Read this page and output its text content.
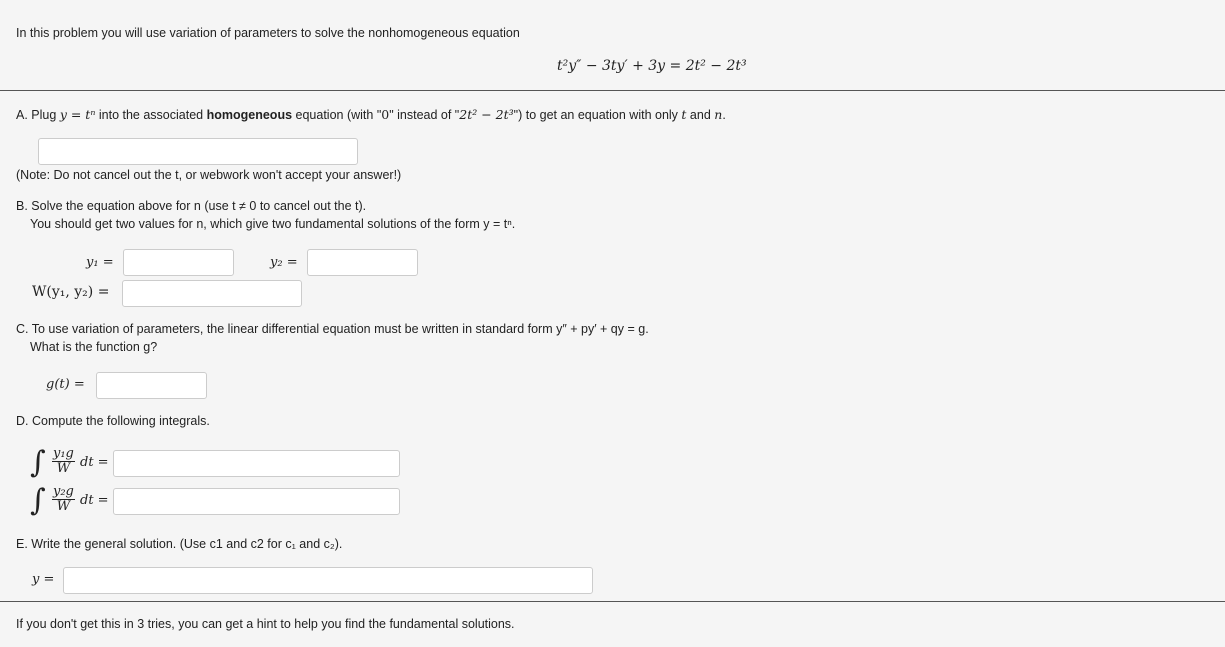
In this problem you will use variation of parameters to solve the nonhomogeneous equation
t²y″ − 3ty′ + 3y = 2t² − 2t³
A. Plug y = tⁿ into the associated homogeneous equation (with "0" instead of "2t² − 2t³") to get an equation with only t and n.
(Note: Do not cancel out the t, or webwork won't accept your answer!)
B. Solve the equation above for n (use t ≠ 0 to cancel out the t).
You should get two values for n, which give two fundamental solutions of the form y = tⁿ.
y₁ =	y₂ =
W(y₁, y₂) =
C. To use variation of parameters, the linear differential equation must be written in standard form y″ + py′ + qy = g.
What is the function g?
g(t) =
D. Compute the following integrals.
∫ $\frac{\text{y₁g}}{W}$ dt =
∫ $\frac{\text{y₂g}}{W}$ dt =
E. Write the general solution. (Use c1 and c2 for c₁ and c₂).
y =
If you don't get this in 3 tries, you can get a hint to help you find the fundamental solutions.
